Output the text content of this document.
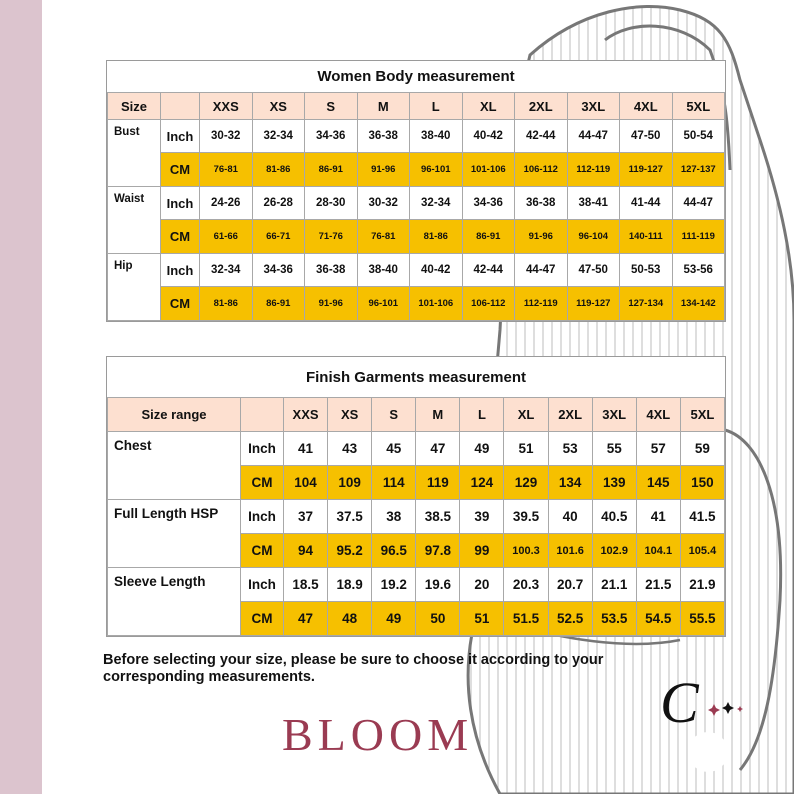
Women Body measurement											
Size		XXS	XS	S	M	L	XL	2XL	3XL	4XL	5XL
Bust	Inch	30-32	32-34	34-36	36-38	38-40	40-42	42-44	44-47	47-50	50-54
	CM	76-81	81-86	86-91	91-96	96-101	101-106	106-112	112-119	119-127	127-137
Waist	Inch	24-26	26-28	28-30	30-32	32-34	34-36	36-38	38-41	41-44	44-47
	CM	61-66	66-71	71-76	76-81	81-86	86-91	91-96	96-104	140-111	111-119
Hip	Inch	32-34	34-36	36-38	38-40	40-42	42-44	44-47	47-50	50-53	53-56
	CM	81-86	86-91	91-96	96-101	101-106	106-112	112-119	119-127	127-134	134-142
Finish Garments measurement											
Size range		XXS	XS	S	M	L	XL	2XL	3XL	4XL	5XL
Chest	Inch	41	43	45	47	49	51	53	55	57	59
	CM	104	109	114	119	124	129	134	139	145	150
Full Length HSP	Inch	37	37.5	38	38.5	39	39.5	40	40.5	41	41.5
	CM	94	95.2	96.5	97.8	99	100.3	101.6	102.9	104.1	105.4
Sleeve Length	Inch	18.5	18.9	19.2	19.6	20	20.3	20.7	21.1	21.5	21.9
	CM	47	48	49	50	51	51.5	52.5	53.5	54.5	55.5
Before selecting your size, please be sure to choose it according to your corresponding measurements.
BLOOM	C
